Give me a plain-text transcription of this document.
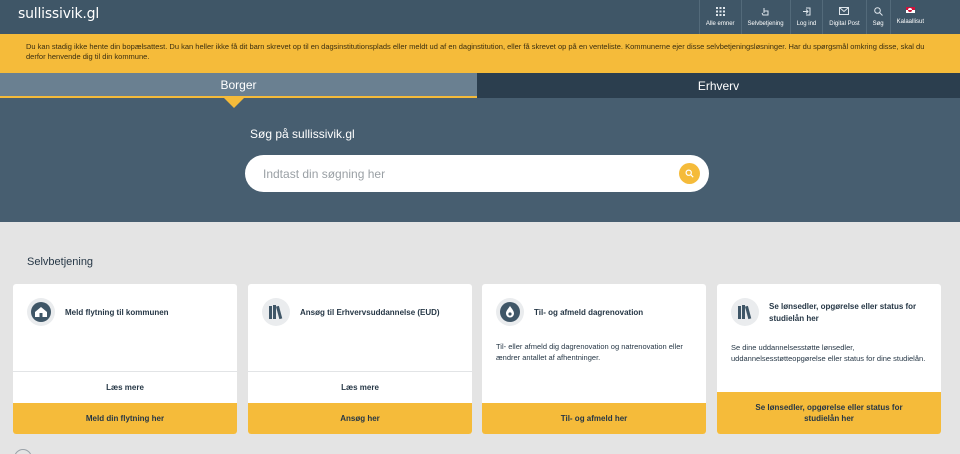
sullissivik.gl
Alle emner Selvbetjening Log ind Digital Post Søg Kalaallisut
Du kan stadig ikke hente din bopælsattest. Du kan heller ikke få dit barn skrevet op til en dagsinstitutionsplads eller meldt ud af en daginstitution, eller få skrevet op på en venteliste. Kommunerne ejer disse selvbetjeningsløsninger. Har du spørgsmål omkring disse, skal du derfor henvende dig til din kommune.
Borger	Erhverv
Søg på sullissivik.gl
Indtast din søgning her
Selvbetjening
Meld flytning til kommunen
Læs mere
Meld din flytning her
Ansøg til Erhvervsuddannelse (EUD)
Læs mere
Ansøg her
Til- og afmeld dagrenovation
Til- eller afmeld dig dagrenovation og natrenovation eller ændrer antallet af afhentninger.
Til- og afmeld her
Se lønsedler, opgørelse eller status for studielån her
Se dine uddannelsesstøtte lønsedler, uddannelsesstøtteopgørelse eller status for dine studielån.
Se lønsedler, opgørelse eller status for studielån her
